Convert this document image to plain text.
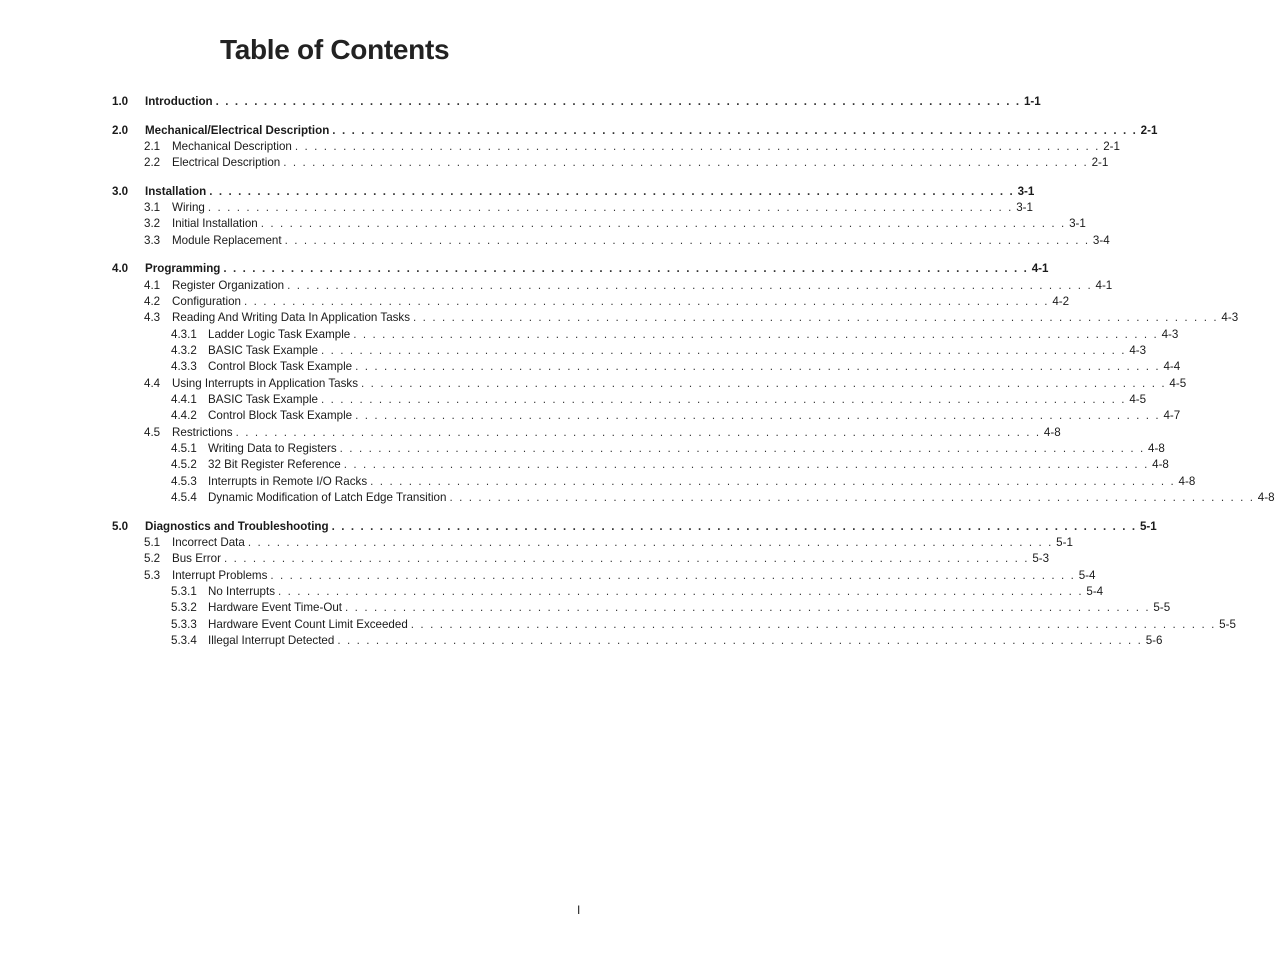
Table of Contents
1.0 Introduction . . . . . . . . . . . . . . . . . . . . . . . . . . . . . . . . . . . . . . . . . . . . . . . . . . . . . . . . . . . . . . . . . . . . . . . . . . . . . . . . . . . . 1-1
2.0 Mechanical/Electrical Description . . . . . . . . . . . . . . . . . . . . . . . . . . . . . . . . . . . . . . . . . . . . . . . . . . . . . . . . . . . . . . . . . . . . . . . . . . . . . . . . . . . . 2-1
2.1 Mechanical Description . . . . . . . . . . . . . . . . . . . . . . . . . . . . . . . . . . . . . . . . . . . . . . . . . . . . . . . . . . . . . . . . . . . . . . . . . . . . . . . . . . . . 2-1
2.2 Electrical Description . . . . . . . . . . . . . . . . . . . . . . . . . . . . . . . . . . . . . . . . . . . . . . . . . . . . . . . . . . . . . . . . . . . . . . . . . . . . . . . . . . . . 2-1
3.0 Installation . . . . . . . . . . . . . . . . . . . . . . . . . . . . . . . . . . . . . . . . . . . . . . . . . . . . . . . . . . . . . . . . . . . . . . . . . . . . . . . . . . . . 3-1
3.1 Wiring . . . . . . . . . . . . . . . . . . . . . . . . . . . . . . . . . . . . . . . . . . . . . . . . . . . . . . . . . . . . . . . . . . . . . . . . . . . . . . . . . . . . 3-1
3.2 Initial Installation . . . . . . . . . . . . . . . . . . . . . . . . . . . . . . . . . . . . . . . . . . . . . . . . . . . . . . . . . . . . . . . . . . . . . . . . . . . . . . . . . . . . 3-1
3.3 Module Replacement . . . . . . . . . . . . . . . . . . . . . . . . . . . . . . . . . . . . . . . . . . . . . . . . . . . . . . . . . . . . . . . . . . . . . . . . . . . . . . . . . . . . 3-4
4.0 Programming . . . . . . . . . . . . . . . . . . . . . . . . . . . . . . . . . . . . . . . . . . . . . . . . . . . . . . . . . . . . . . . . . . . . . . . . . . . . . . . . . . . . 4-1
4.1 Register Organization . . . . . . . . . . . . . . . . . . . . . . . . . . . . . . . . . . . . . . . . . . . . . . . . . . . . . . . . . . . . . . . . . . . . . . . . . . . . . . . . . . . . 4-1
4.2 Configuration . . . . . . . . . . . . . . . . . . . . . . . . . . . . . . . . . . . . . . . . . . . . . . . . . . . . . . . . . . . . . . . . . . . . . . . . . . . . . . . . . . . . 4-2
4.3 Reading And Writing Data In Application Tasks . . . . . . . . . . . . . . . . . . . . . . . . . . . . . . . . . . . . . . . . . . . . . . . . . . . . . . . . . . . . . . . . . . . . . . . . . . . . . . . . . . . . 4-3
4.3.1 Ladder Logic Task Example . . . . . . . . . . . . . . . . . . . . . . . . . . . . . . . . . . . . . . . . . . . . . . . . . . . . . . . . . . . . . . . . . . . . . . . . . . . . . . . . . . . . 4-3
4.3.2 BASIC Task Example . . . . . . . . . . . . . . . . . . . . . . . . . . . . . . . . . . . . . . . . . . . . . . . . . . . . . . . . . . . . . . . . . . . . . . . . . . . . . . . . . . . . 4-3
4.3.3 Control Block Task Example . . . . . . . . . . . . . . . . . . . . . . . . . . . . . . . . . . . . . . . . . . . . . . . . . . . . . . . . . . . . . . . . . . . . . . . . . . . . . . . . . . . . 4-4
4.4 Using Interrupts in Application Tasks . . . . . . . . . . . . . . . . . . . . . . . . . . . . . . . . . . . . . . . . . . . . . . . . . . . . . . . . . . . . . . . . . . . . . . . . . . . . . . . . . . . . 4-5
4.4.1 BASIC Task Example . . . . . . . . . . . . . . . . . . . . . . . . . . . . . . . . . . . . . . . . . . . . . . . . . . . . . . . . . . . . . . . . . . . . . . . . . . . . . . . . . . . . 4-5
4.4.2 Control Block Task Example . . . . . . . . . . . . . . . . . . . . . . . . . . . . . . . . . . . . . . . . . . . . . . . . . . . . . . . . . . . . . . . . . . . . . . . . . . . . . . . . . . . . 4-7
4.5 Restrictions . . . . . . . . . . . . . . . . . . . . . . . . . . . . . . . . . . . . . . . . . . . . . . . . . . . . . . . . . . . . . . . . . . . . . . . . . . . . . . . . . . . . 4-8
4.5.1 Writing Data to Registers . . . . . . . . . . . . . . . . . . . . . . . . . . . . . . . . . . . . . . . . . . . . . . . . . . . . . . . . . . . . . . . . . . . . . . . . . . . . . . . . . . . . 4-8
4.5.2 32 Bit Register Reference . . . . . . . . . . . . . . . . . . . . . . . . . . . . . . . . . . . . . . . . . . . . . . . . . . . . . . . . . . . . . . . . . . . . . . . . . . . . . . . . . . . . 4-8
4.5.3 Interrupts in Remote I/O Racks . . . . . . . . . . . . . . . . . . . . . . . . . . . . . . . . . . . . . . . . . . . . . . . . . . . . . . . . . . . . . . . . . . . . . . . . . . . . . . . . . . . . 4-8
4.5.4 Dynamic Modification of Latch Edge Transition . . . . . . . . . . . . . . . . . . . . . . . . . . . . . . . . . . . . . . . . . . . . . . . . . . . . . . . . . . . . . . . . . . . . . . . . . . . . . . . . . . . . 4-8
5.0 Diagnostics and Troubleshooting . . . . . . . . . . . . . . . . . . . . . . . . . . . . . . . . . . . . . . . . . . . . . . . . . . . . . . . . . . . . . . . . . . . . . . . . . . . . . . . . . . . . 5-1
5.1 Incorrect Data . . . . . . . . . . . . . . . . . . . . . . . . . . . . . . . . . . . . . . . . . . . . . . . . . . . . . . . . . . . . . . . . . . . . . . . . . . . . . . . . . . . . 5-1
5.2 Bus Error . . . . . . . . . . . . . . . . . . . . . . . . . . . . . . . . . . . . . . . . . . . . . . . . . . . . . . . . . . . . . . . . . . . . . . . . . . . . . . . . . . . . 5-3
5.3 Interrupt Problems . . . . . . . . . . . . . . . . . . . . . . . . . . . . . . . . . . . . . . . . . . . . . . . . . . . . . . . . . . . . . . . . . . . . . . . . . . . . . . . . . . . . 5-4
5.3.1 No Interrupts . . . . . . . . . . . . . . . . . . . . . . . . . . . . . . . . . . . . . . . . . . . . . . . . . . . . . . . . . . . . . . . . . . . . . . . . . . . . . . . . . . . . 5-4
5.3.2 Hardware Event Time-Out . . . . . . . . . . . . . . . . . . . . . . . . . . . . . . . . . . . . . . . . . . . . . . . . . . . . . . . . . . . . . . . . . . . . . . . . . . . . . . . . . . . . 5-5
5.3.3 Hardware Event Count Limit Exceeded . . . . . . . . . . . . . . . . . . . . . . . . . . . . . . . . . . . . . . . . . . . . . . . . . . . . . . . . . . . . . . . . . . . . . . . . . . . . . . . . . . . . 5-5
5.3.4 Illegal Interrupt Detected . . . . . . . . . . . . . . . . . . . . . . . . . . . . . . . . . . . . . . . . . . . . . . . . . . . . . . . . . . . . . . . . . . . . . . . . . . . . . . . . . . . . 5-6
I
